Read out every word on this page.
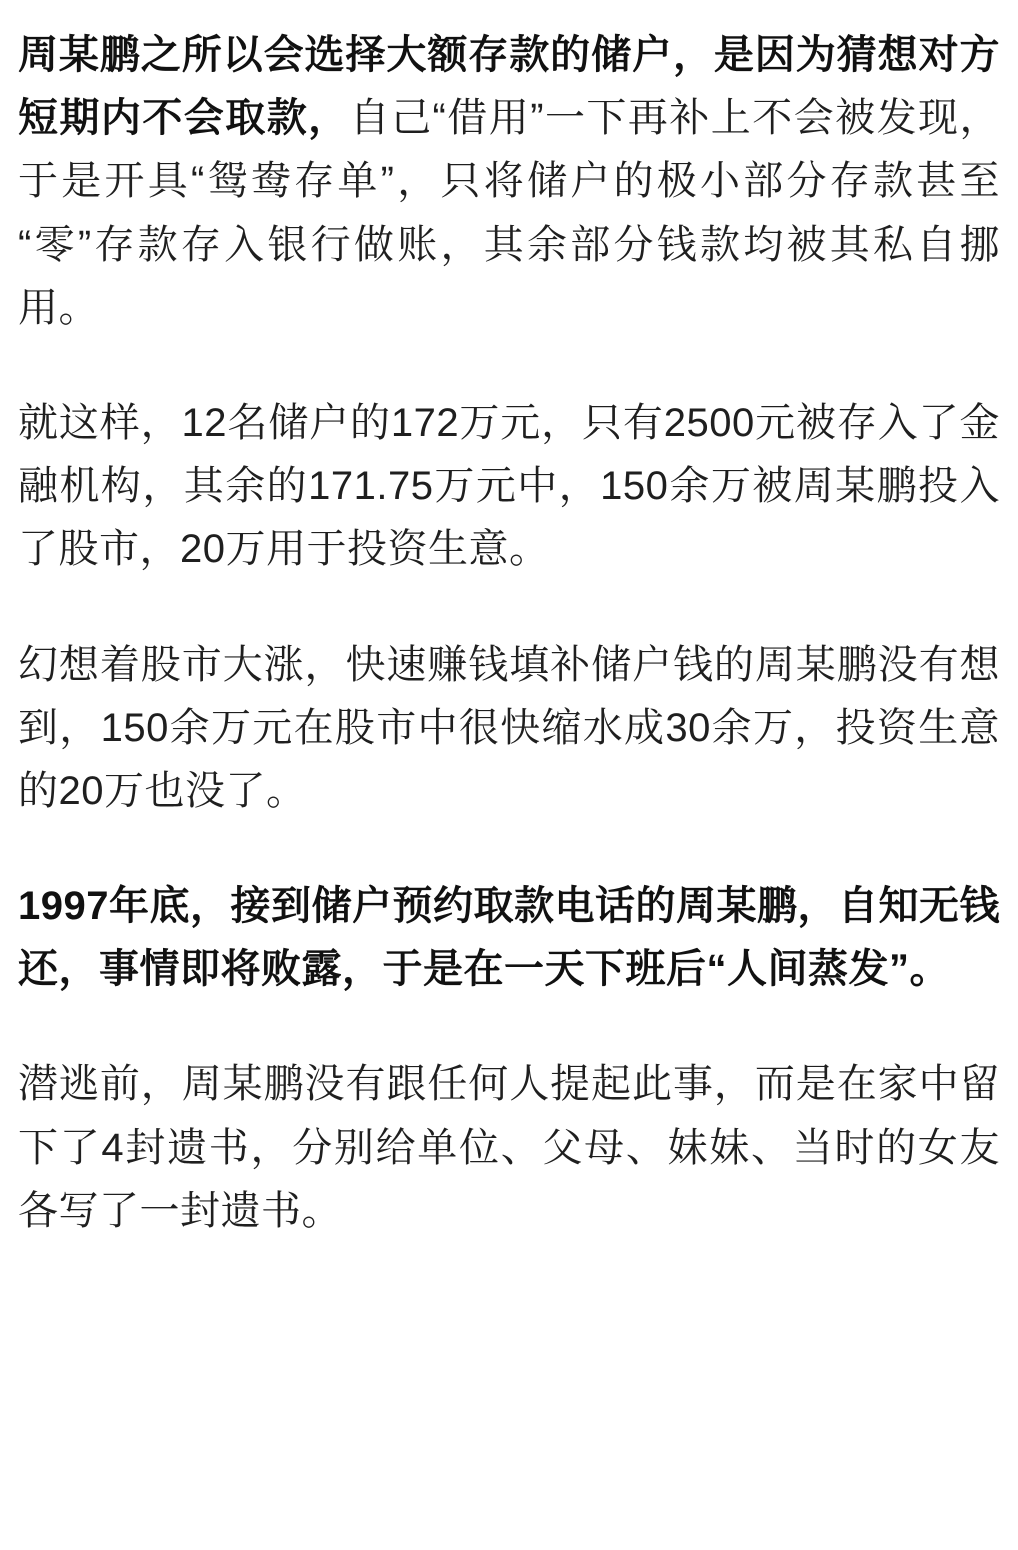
周某鹏之所以会选择大额存款的储户，是因为猜想对方短期内不会取款，自己“借用”一下再补上不会被发现，于是开具“鸳鸯存单”，只将储户的极小部分存款甚至“零”存款存入银行做账，其余部分钱款均被其私自挪用。

就这样，12名储户的172万元，只有2500元被存入了金融机构，其余的171.75万元中，150余万被周某鹏投入了股市，20万用于投资生意。

幻想着股市大涨，快速赚钱填补储户钱的周某鹏没有想到，150余万元在股市中很快缩水成30余万，投资生意的20万也没了。

1997年底，接到储户预约取款电话的周某鹏，自知无钱还，事情即将败露，于是在一天下班后“人间蒸发”。

潜逃前，周某鹏没有跟任何人提起此事，而是在家中留下了4封遗书，分别给单位、父母、妹妹、当时的女友各写了一封遗书。
